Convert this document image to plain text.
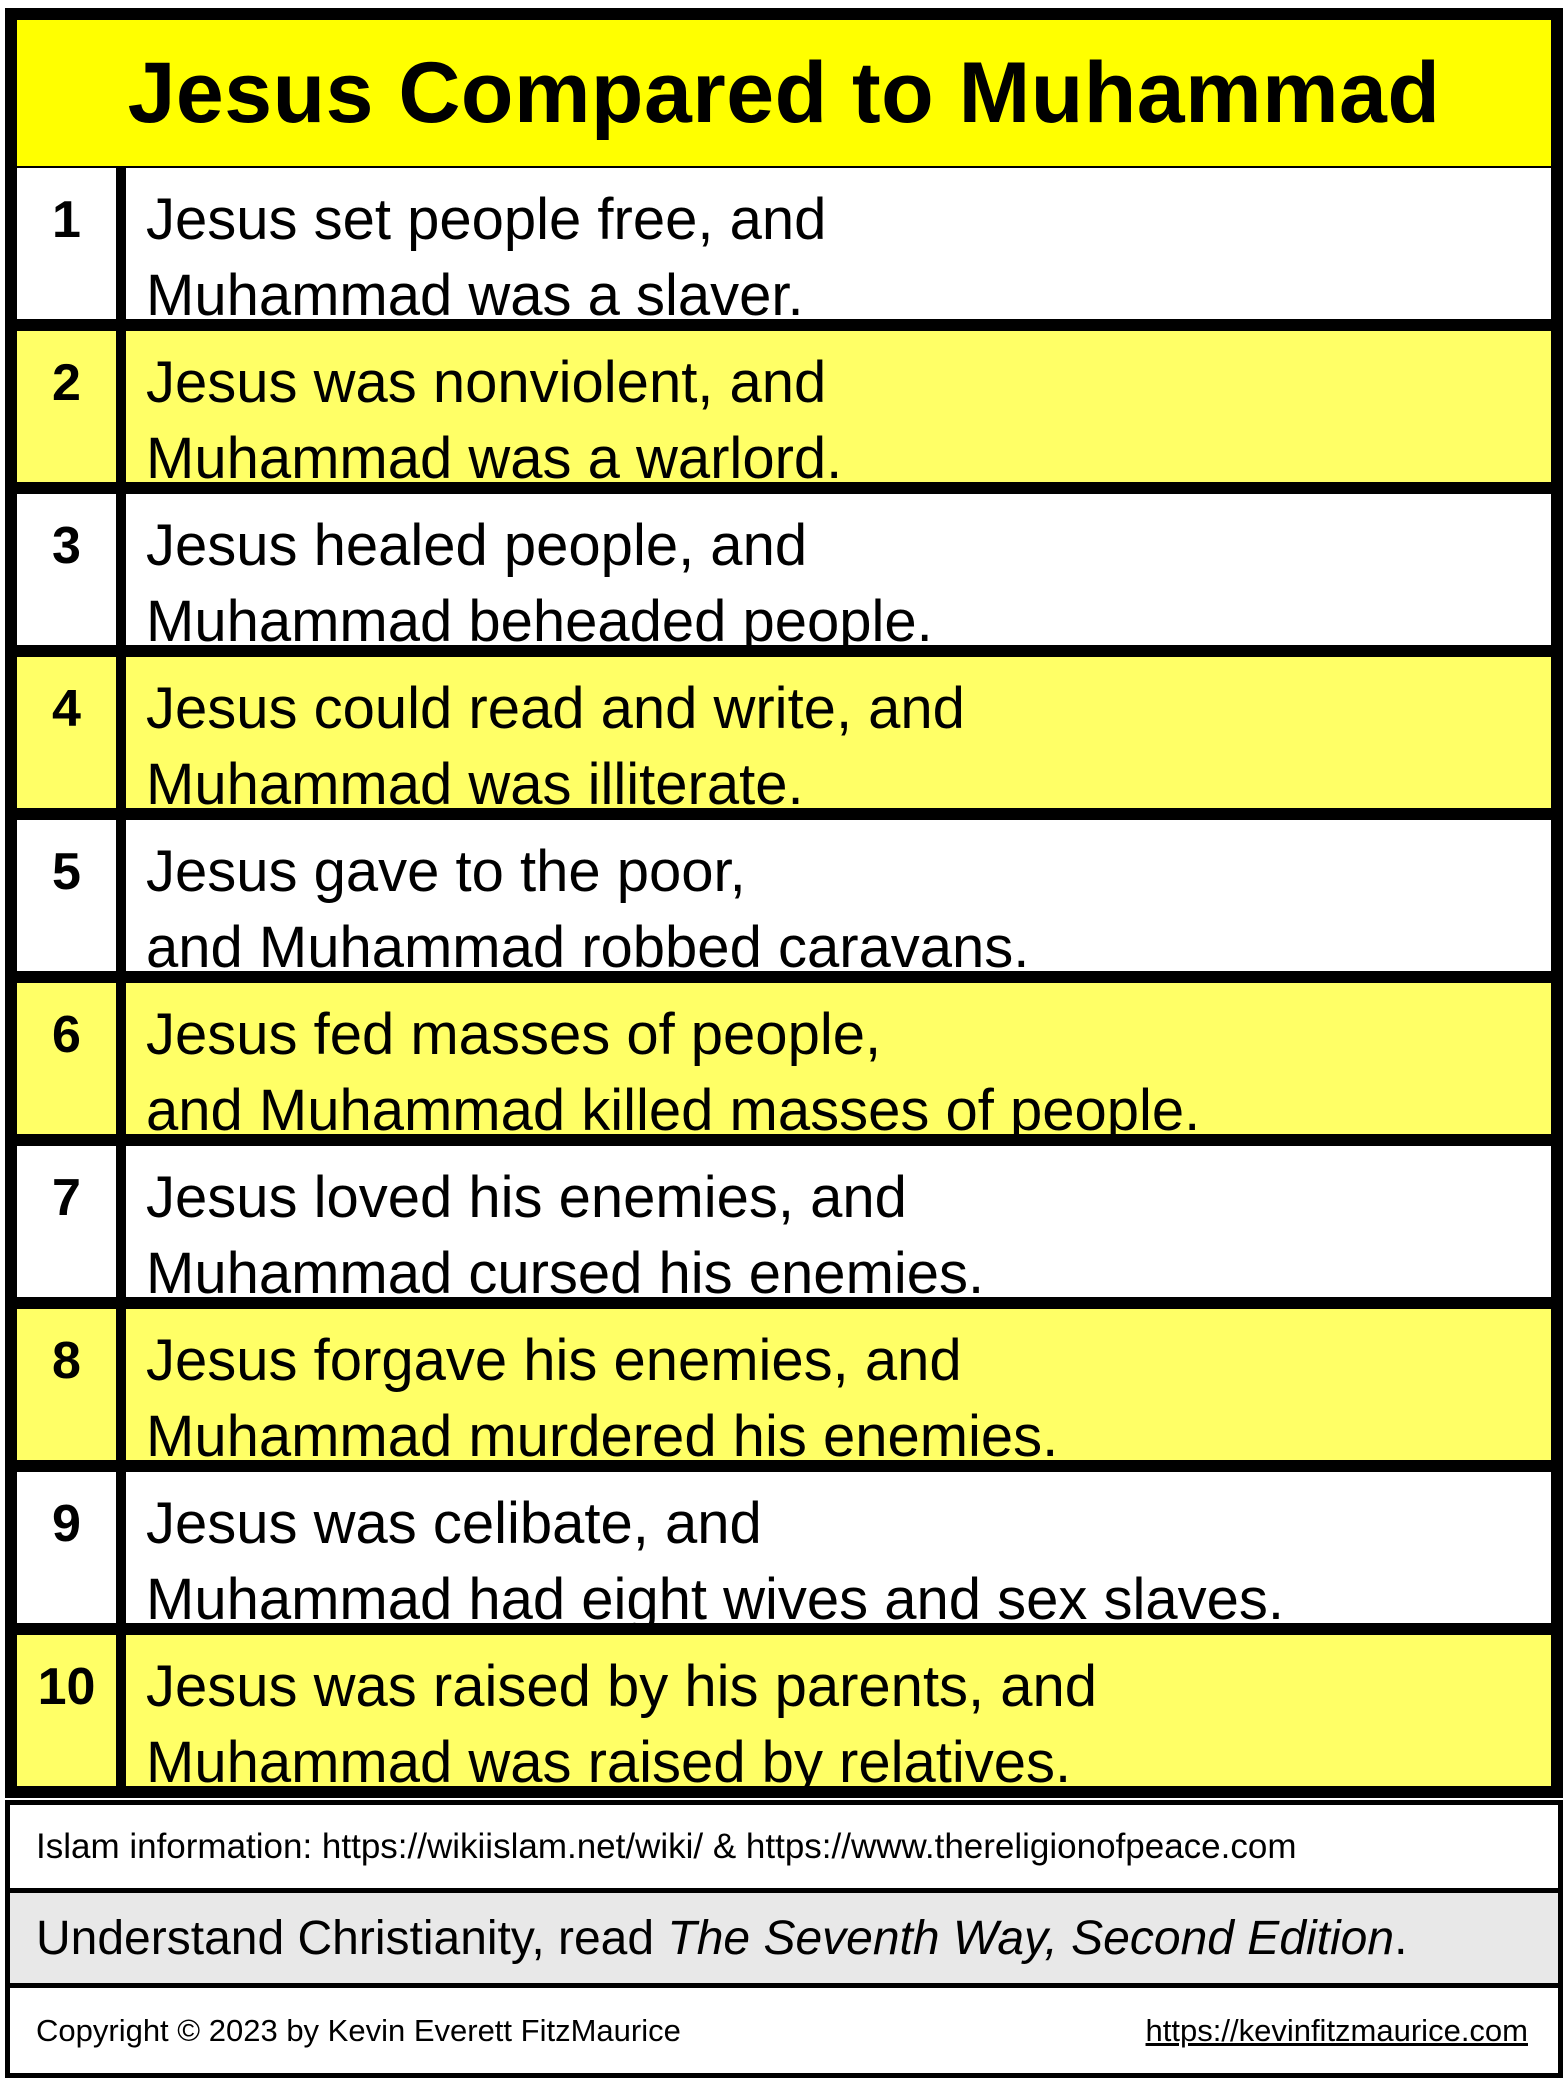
Jesus Compared to Muhammad
1	Jesus set people free, and
Muhammad was a slaver.
2	Jesus was nonviolent, and
Muhammad was a warlord.
3	Jesus healed people, and
Muhammad beheaded people.
4	Jesus could read and write, and
Muhammad was illiterate.
5	Jesus gave to the poor,
and Muhammad robbed caravans.
6	Jesus fed masses of people,
and Muhammad killed masses of people.
7	Jesus loved his enemies, and
Muhammad cursed his enemies.
8	Jesus forgave his enemies, and
Muhammad murdered his enemies.
9	Jesus was celibate, and
Muhammad had eight wives and sex slaves.
10 Jesus was raised by his parents, and
Muhammad was raised by relatives.
Islam information: https://wikiislam.net/wiki/ & https://www.thereligionofpeace.com
Understand Christianity, read The Seventh Way, Second Edition .
Copyright © 2023 by Kevin Everett FitzMaurice	https://kevinfitzmaurice.com
